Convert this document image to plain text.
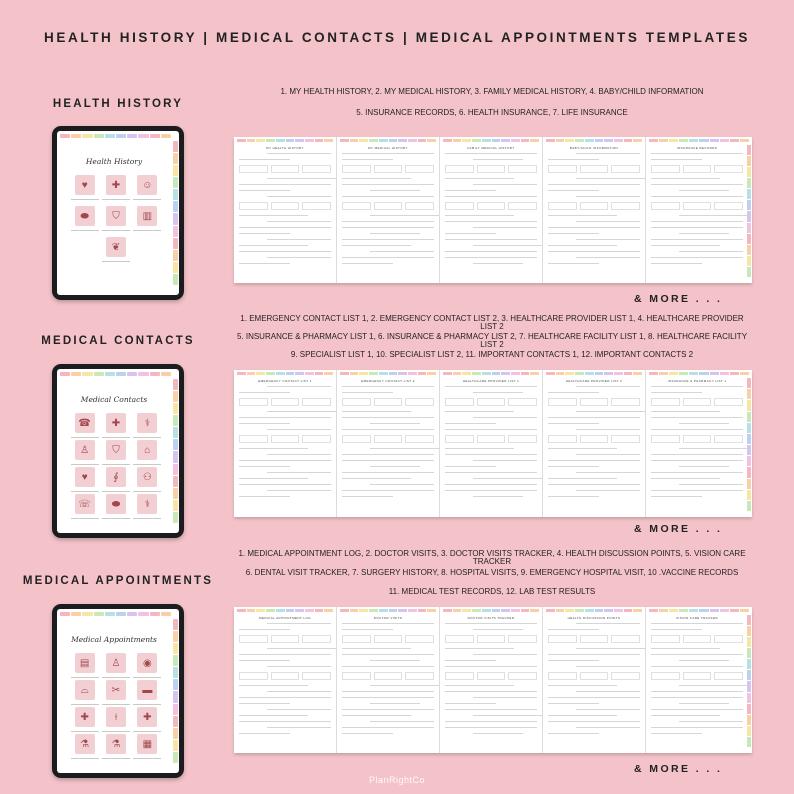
HEALTH HISTORY | MEDICAL CONTACTS | MEDICAL APPOINTMENTS TEMPLATES
HEALTH HISTORY
1. MY HEALTH HISTORY, 2. MY MEDICAL HISTORY, 3. FAMILY MEDICAL HISTORY, 4. BABY/CHILD INFORMATION
5. INSURANCE RECORDS, 6. HEALTH INSURANCE, 7. LIFE INSURANCE
Health History
♥	✚	☺
⬬	⛉	▥
❦
MY HEALTH HISTORY	MY MEDICAL HISTORY	FAMILY MEDICAL HISTORY	BABY/CHILD INFORMATION	INSURANCE RECORDS
& MORE . . .
MEDICAL CONTACTS
1. EMERGENCY CONTACT LIST 1, 2. EMERGENCY CONTACT LIST 2, 3. HEALTHCARE PROVIDER LIST 1, 4. HEALTHCARE PROVIDER LIST 2
5. INSURANCE & PHARMACY LIST 1, 6. INSURANCE & PHARMACY LIST 2, 7. HEALTHCARE FACILITY LIST 1, 8. HEALTHCARE FACILITY LIST 2
9. SPECIALIST LIST 1, 10. SPECIALIST LIST 2, 11. IMPORTANT CONTACTS 1, 12. IMPORTANT CONTACTS 2
Medical Contacts
☎	✚	⚕
♙	⛉	⌂
♥	∮	⚇
☏	⬬	⚕
EMERGENCY CONTACT LIST 1	EMERGENCY CONTACT LIST 2	HEALTHCARE PROVIDER LIST 1	HEALTHCARE PROVIDER LIST 2	INSURANCE & PHARMACY LIST 1
& MORE . . .
MEDICAL APPOINTMENTS
1. MEDICAL APPOINTMENT LOG, 2. DOCTOR VISITS, 3. DOCTOR VISITS TRACKER, 4. HEALTH DISCUSSION POINTS, 5. VISION CARE TRACKER
6. DENTAL VISIT TRACKER, 7. SURGERY HISTORY, 8. HOSPITAL VISITS, 9. EMERGENCY HOSPITAL VISIT, 10 .VACCINE RECORDS
11. MEDICAL TEST RECORDS, 12. LAB TEST RESULTS
Medical Appointments
▤	♙	◉
⌓	✂	▬
✚	⟊	✚
⚗	⚗	▦
MEDICAL APPOINTMENT LOG	DOCTOR VISITS	DOCTOR VISITS TRACKER	HEALTH DISCUSSION POINTS	VISION CARE TRACKER
& MORE . . .
PlanRightCo
